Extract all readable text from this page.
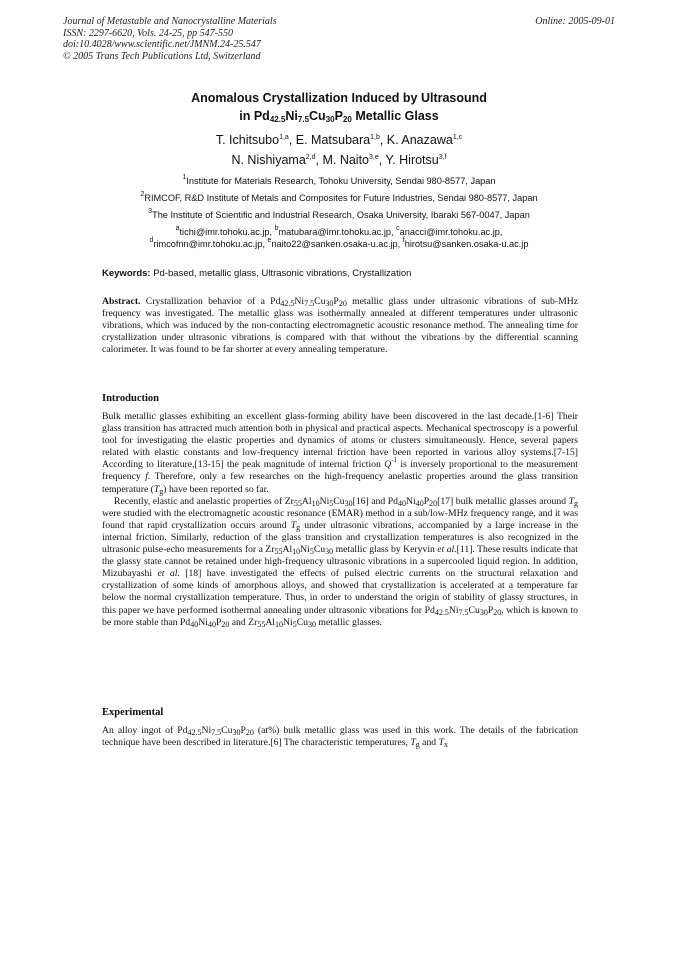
Journal of Metastable and Nanocrystalline Materials
ISSN: 2297-6620, Vols. 24-25, pp 547-550
doi:10.4028/www.scientific.net/JMNM.24-25.547
© 2005 Trans Tech Publications Ltd, Switzerland
Online: 2005-09-01
Anomalous Crystallization Induced by Ultrasound
in $Pd_{42.5}Ni_{7.5}Cu_{30}P_{20}$ Metallic Glass
T. Ichitsubo$^{1,a}$, E. Matsubara$^{1,b}$, K. Anazawa$^{1,c}$
N. Nishiyama$^{2,d}$, M. Naito$^{3,e}$, Y. Hirotsu$^{3,f}$
$^1$Institute for Materials Research, Tohoku University, Sendai 980-8577, Japan
$^2$RIMCOF, R&D Institute of Metals and Composites for Future Industries, Sendai 980-8577, Japan
$^3$The Institute of Scientific and Industrial Research, Osaka University, Ibaraki 567-0047, Japan
$^a$tichi@imr.tohoku.ac.jp, $^b$matubara@imr.tohoku.ac.jp, $^c$anacci@imr.tohoku.ac.jp,
$^d$rimcofnn@imr.tohoku.ac.jp, $^e$naito22@sanken.osaka-u.ac.jp, $^f$hirotsu@sanken.osaka-u.ac.jp
Keywords: Pd-based, metallic glass, Ultrasonic vibrations, Crystallization
Abstract. Crystallization behavior of a $Pd_{42.5}Ni_{7.5}Cu_{30}P_{20}$ metallic glass under ultrasonic vibrations of sub-MHz frequency was investigated. The metallic glass was isothermally annealed at different temperatures under ultrasonic vibrations, which was induced by the non-contacting electromagnetic acoustic resonance method. The annealing time for crystallization under ultrasonic vibrations is compared with that without the vibrations by the differential scanning calorimeter. It was found to be far shorter at every annealing temperature.
Introduction

Bulk metallic glasses exhibiting an excellent glass-forming ability have been discovered in the last decade.[1-6] Their glass transition has attracted much attention both in physical and practical aspects. Mechanical spectroscopy is a powerful tool for investigating the elastic properties and dynamics of atoms or clusters simultaneously. Hence, several papers related with elastic constants and low-frequency internal friction have been reported in various alloy systems.[7-15] According to literature,[13-15] the peak magnitude of internal friction $Q^{-1}$ is inversely proportional to the measurement frequency f. Therefore, only a few researches on the high-frequency anelastic properties around the glass transition temperature $(T_g)$ have been reported so far.

Recently, elastic and anelastic properties of $Zr_{55}Al_{10}Ni_5Cu_{30}[16]$ and $Pd_{40}Ni_{40}P_{20}[17]$ bulk metallic glasses around $T_g$ were studied with the electromagnetic acoustic resonance (EMAR) method in a sub/low-MHz frequency range, and it was found that rapid crystallization occurs around $T_g$ under ultrasonic vibrations, accompanied by a large increase in the internal friction. Similarly, reduction of the glass transition and crystallization temperatures is also recognized in the ultrasonic pulse-echo measurements for a $Zr_{55}Al_{10}Ni_5Cu_{30}$ metallic glass by Keryvin et al.[11]. These results indicate that the glassy state cannot be retained under high-frequency ultrasonic vibrations in a supercooled liquid region. In addition, Mizubayashi et al. [18] have investigated the effects of pulsed electric currents on the structural relaxation and crystallization of some kinds of amorphous alloys, and showed that crystallization is accelerated at a temperature far below the normal crystallization temperature. Thus, in order to understand the origin of stability of glassy structures, in this paper we have performed isothermal annealing under ultrasonic vibrations for $Pd_{42.5}Ni_{7.5}Cu_{30}P_{20}$, which is known to be more stable than $Pd_{40}Ni_{40}P_{20}$ and $Zr_{55}Al_{10}Ni_5Cu_{30}$ metallic glasses.

Experimental

An alloy ingot of $Pd_{42.5}Ni_{7.5}Cu_{30}P_{20}$ (at%) bulk metallic glass was used in this work. The details of the fabrication technique have been described in literature.[6] The characteristic temperatures, $T_g$ and $T_x$
